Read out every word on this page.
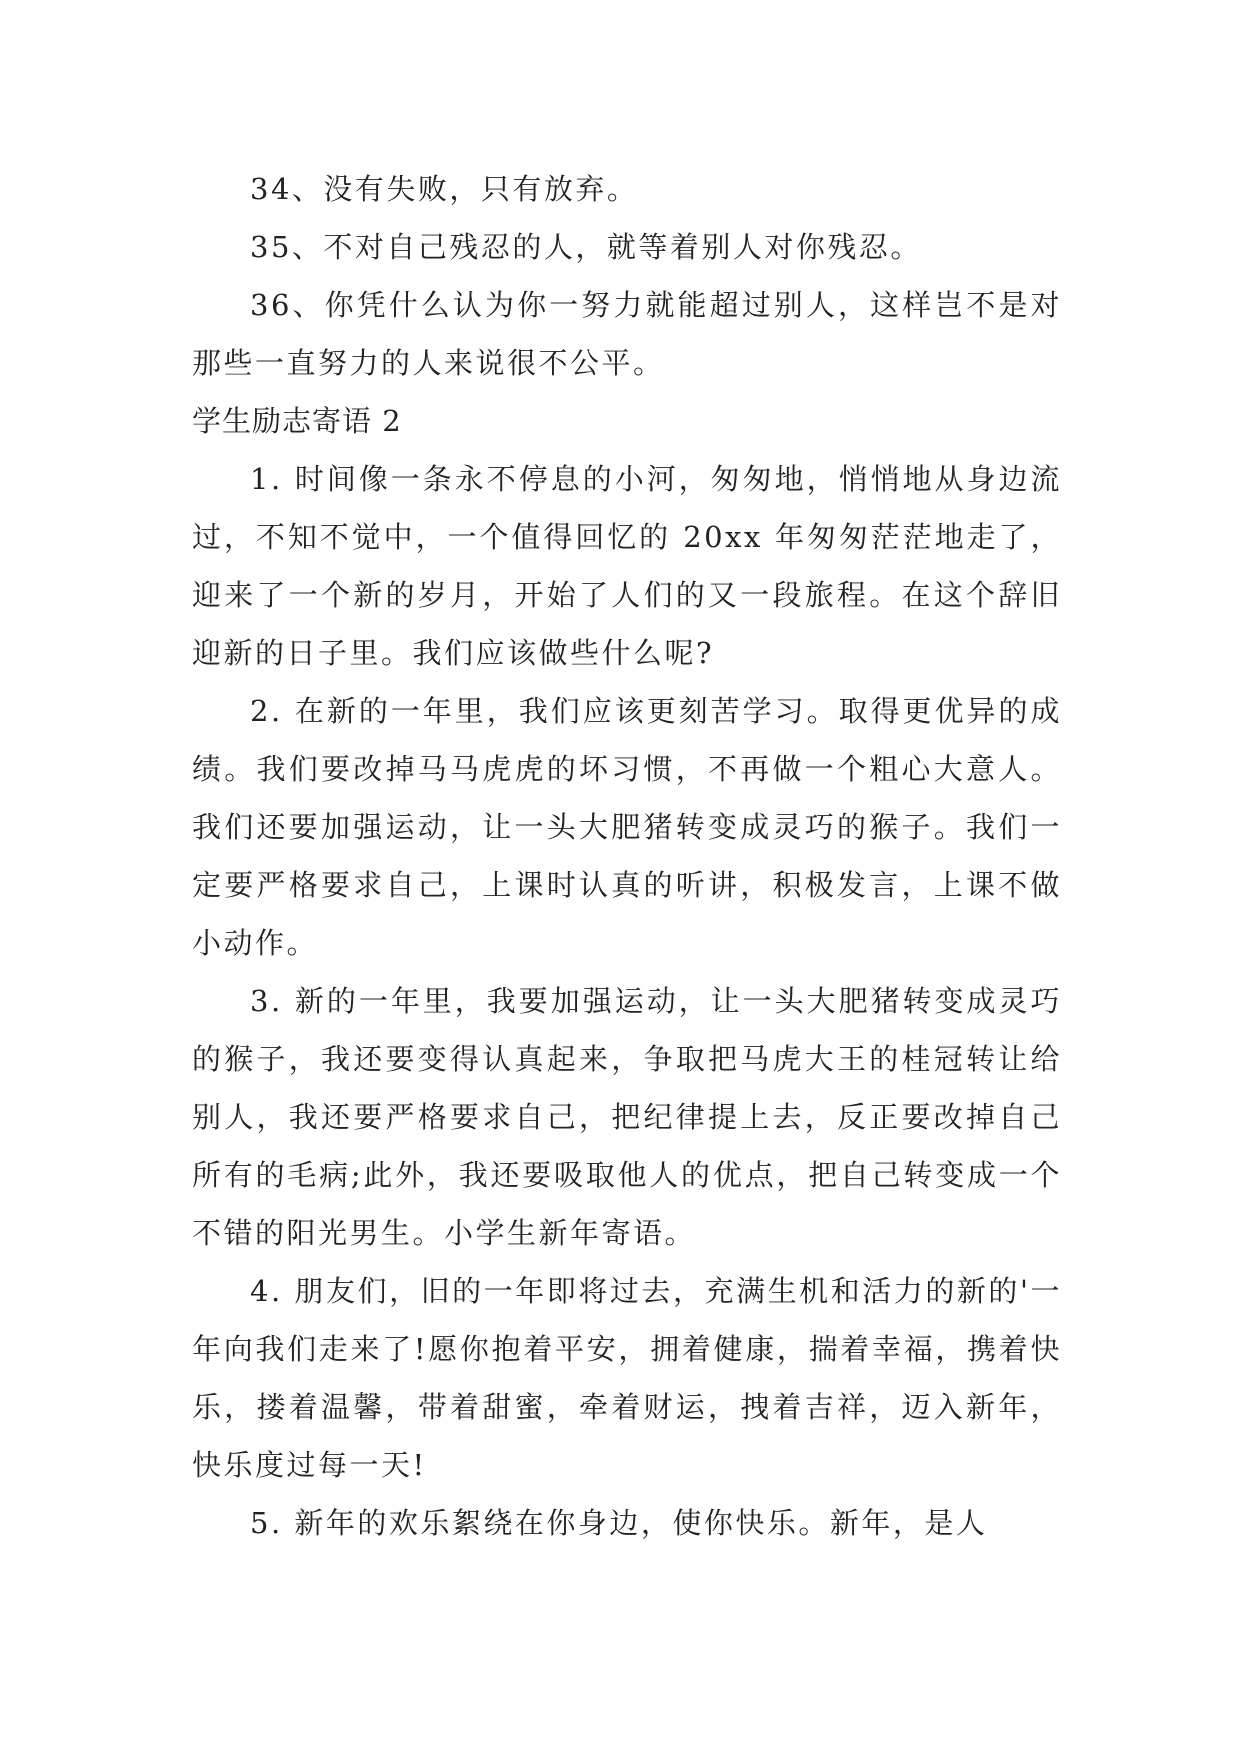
34、没有失败，只有放弃。

35、不对自己残忍的人，就等着别人对你残忍。

36、你凭什么认为你一努力就能超过别人，这样岂不是对那些一直努力的人来说很不公平。

学生励志寄语 2

1. 时间像一条永不停息的小河，匆匆地，悄悄地从身边流过，不知不觉中，一个值得回忆的 20xx 年匆匆茫茫地走了，迎来了一个新的岁月，开始了人们的又一段旅程。在这个辞旧迎新的日子里。我们应该做些什么呢?

2. 在新的一年里，我们应该更刻苦学习。取得更优异的成绩。我们要改掉马马虎虎的坏习惯，不再做一个粗心大意人。我们还要加强运动，让一头大肥猪转变成灵巧的猴子。我们一定要严格要求自己，上课时认真的听讲，积极发言，上课不做小动作。

3. 新的一年里，我要加强运动，让一头大肥猪转变成灵巧的猴子，我还要变得认真起来，争取把马虎大王的桂冠转让给别人，我还要严格要求自己，把纪律提上去，反正要改掉自己所有的毛病;此外，我还要吸取他人的优点，把自己转变成一个不错的阳光男生。小学生新年寄语。

4. 朋友们，旧的一年即将过去，充满生机和活力的新的'一年向我们走来了!愿你抱着平安，拥着健康，揣着幸福，携着快乐，搂着温馨，带着甜蜜，牵着财运，拽着吉祥，迈入新年，快乐度过每一天!

5. 新年的欢乐絮绕在你身边，使你快乐。新年，是人
